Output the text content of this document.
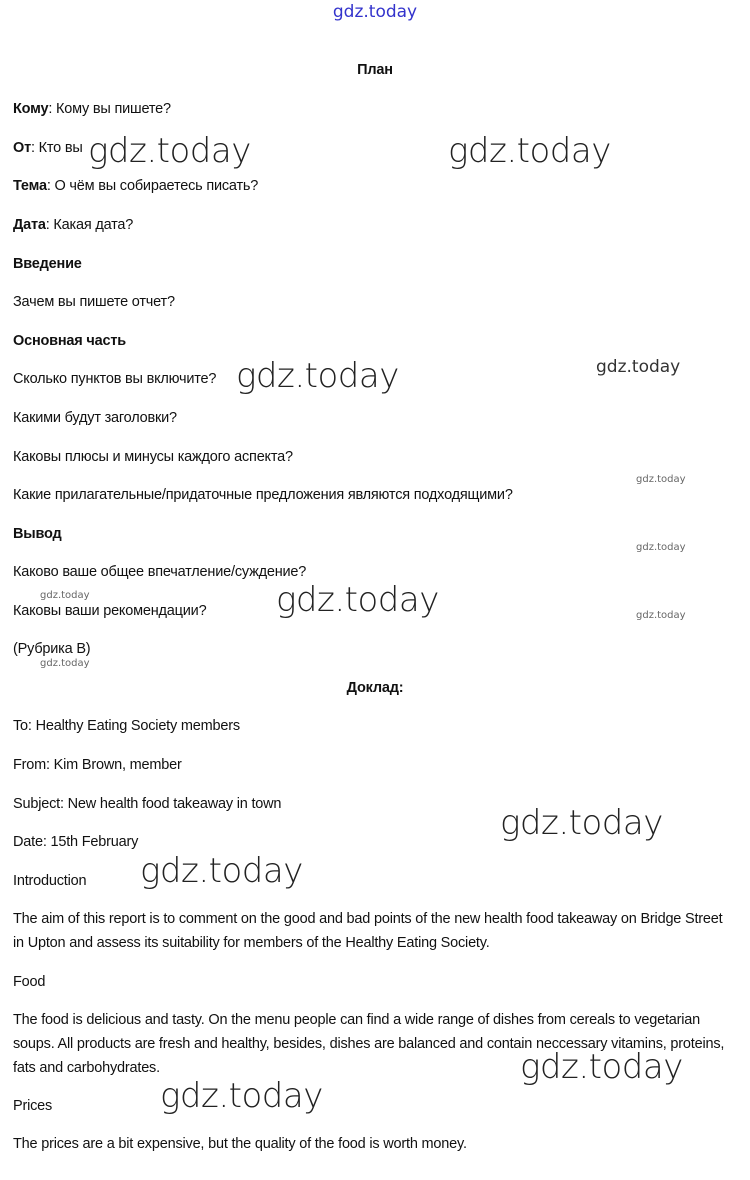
gdz.today
План
Кому: Кому вы пишете?
От: Кто вы
Тема: О чём вы собираетесь писать?
Дата: Какая дата?
Введение
Зачем вы пишете отчет?
Основная часть
Сколько пунктов вы включите?
Какими будут заголовки?
Каковы плюсы и минусы каждого аспекта?
Какие прилагательные/придаточные предложения являются подходящими?
Вывод
Каково ваше общее впечатление/суждение?
Каковы ваши рекомендации?
(Рубрика B)
Доклад:
To: Healthy Eating Society members
From: Kim Brown, member
Subject: New health food takeaway in town
Date: 15th February
Introduction
The aim of this report is to comment on the good and bad points of the new health food takeaway on Bridge Street in Upton and assess its suitability for members of the Healthy Eating Society.
Food
The food is delicious and tasty. On the menu people can find a wide range of dishes from cereals to vegetarian soups. All products are fresh and healthy, besides, dishes are balanced and contain neccessary vitamins, proteins, fats and carbohydrates.
Prices
The prices are a bit expensive, but the quality of the food is worth money.
gdz.today	gdz.today
gdz.today	gdz.today
gdz.today
gdz.today
gdz.today
gdz.today
gdz.today
gdz.today
gdz.today
gdz.today
gdz.today
gdz.today
